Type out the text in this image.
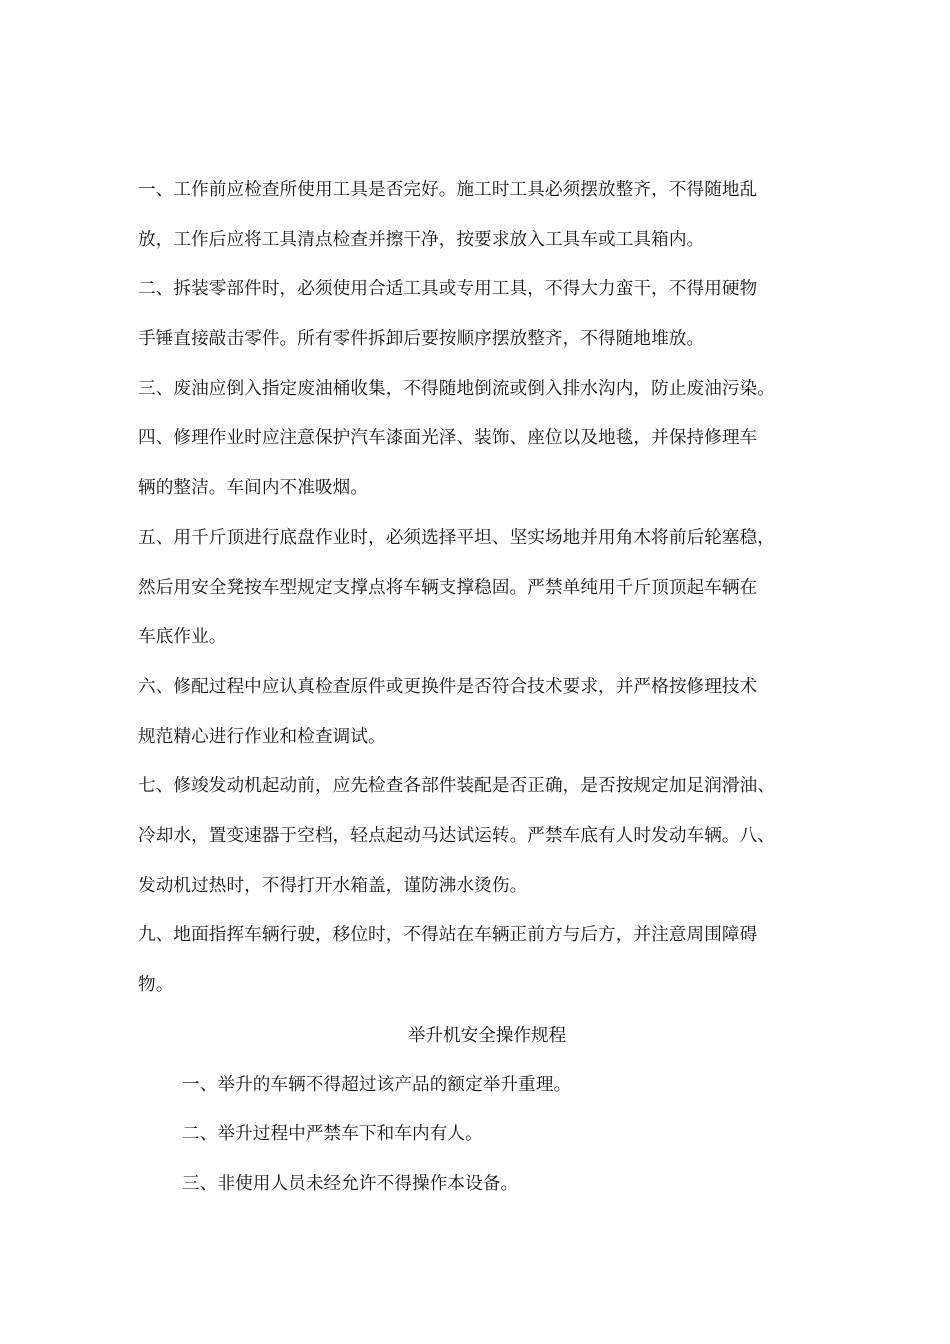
一、工作前应检查所使用工具是否完好。施工时工具必须摆放整齐，不得随地乱
放，工作后应将工具清点检查并擦干净，按要求放入工具车或工具箱内。
二、拆装零部件时，必须使用合适工具或专用工具，不得大力蛮干，不得用硬物
手锤直接敲击零件。所有零件拆卸后要按顺序摆放整齐，不得随地堆放。
三、废油应倒入指定废油桶收集，不得随地倒流或倒入排水沟内，防止废油污染。
四、修理作业时应注意保护汽车漆面光泽、装饰、座位以及地毯，并保持修理车
辆的整洁。车间内不准吸烟。
五、用千斤顶进行底盘作业时，必须选择平坦、坚实场地并用角木将前后轮塞稳，
然后用安全凳按车型规定支撑点将车辆支撑稳固。严禁单纯用千斤顶顶起车辆在
车底作业。
六、修配过程中应认真检查原件或更换件是否符合技术要求，并严格按修理技术
规范精心进行作业和检查调试。
七、修竣发动机起动前，应先检查各部件装配是否正确，是否按规定加足润滑油、
冷却水，置变速器于空档，轻点起动马达试运转。严禁车底有人时发动车辆。八、
发动机过热时，不得打开水箱盖，谨防沸水烫伤。
九、地面指挥车辆行驶，移位时，不得站在车辆正前方与后方，并注意周围障碍
物。
举升机安全操作规程
一、举升的车辆不得超过该产品的额定举升重理。
二、举升过程中严禁车下和车内有人。
三、非使用人员未经允许不得操作本设备。
